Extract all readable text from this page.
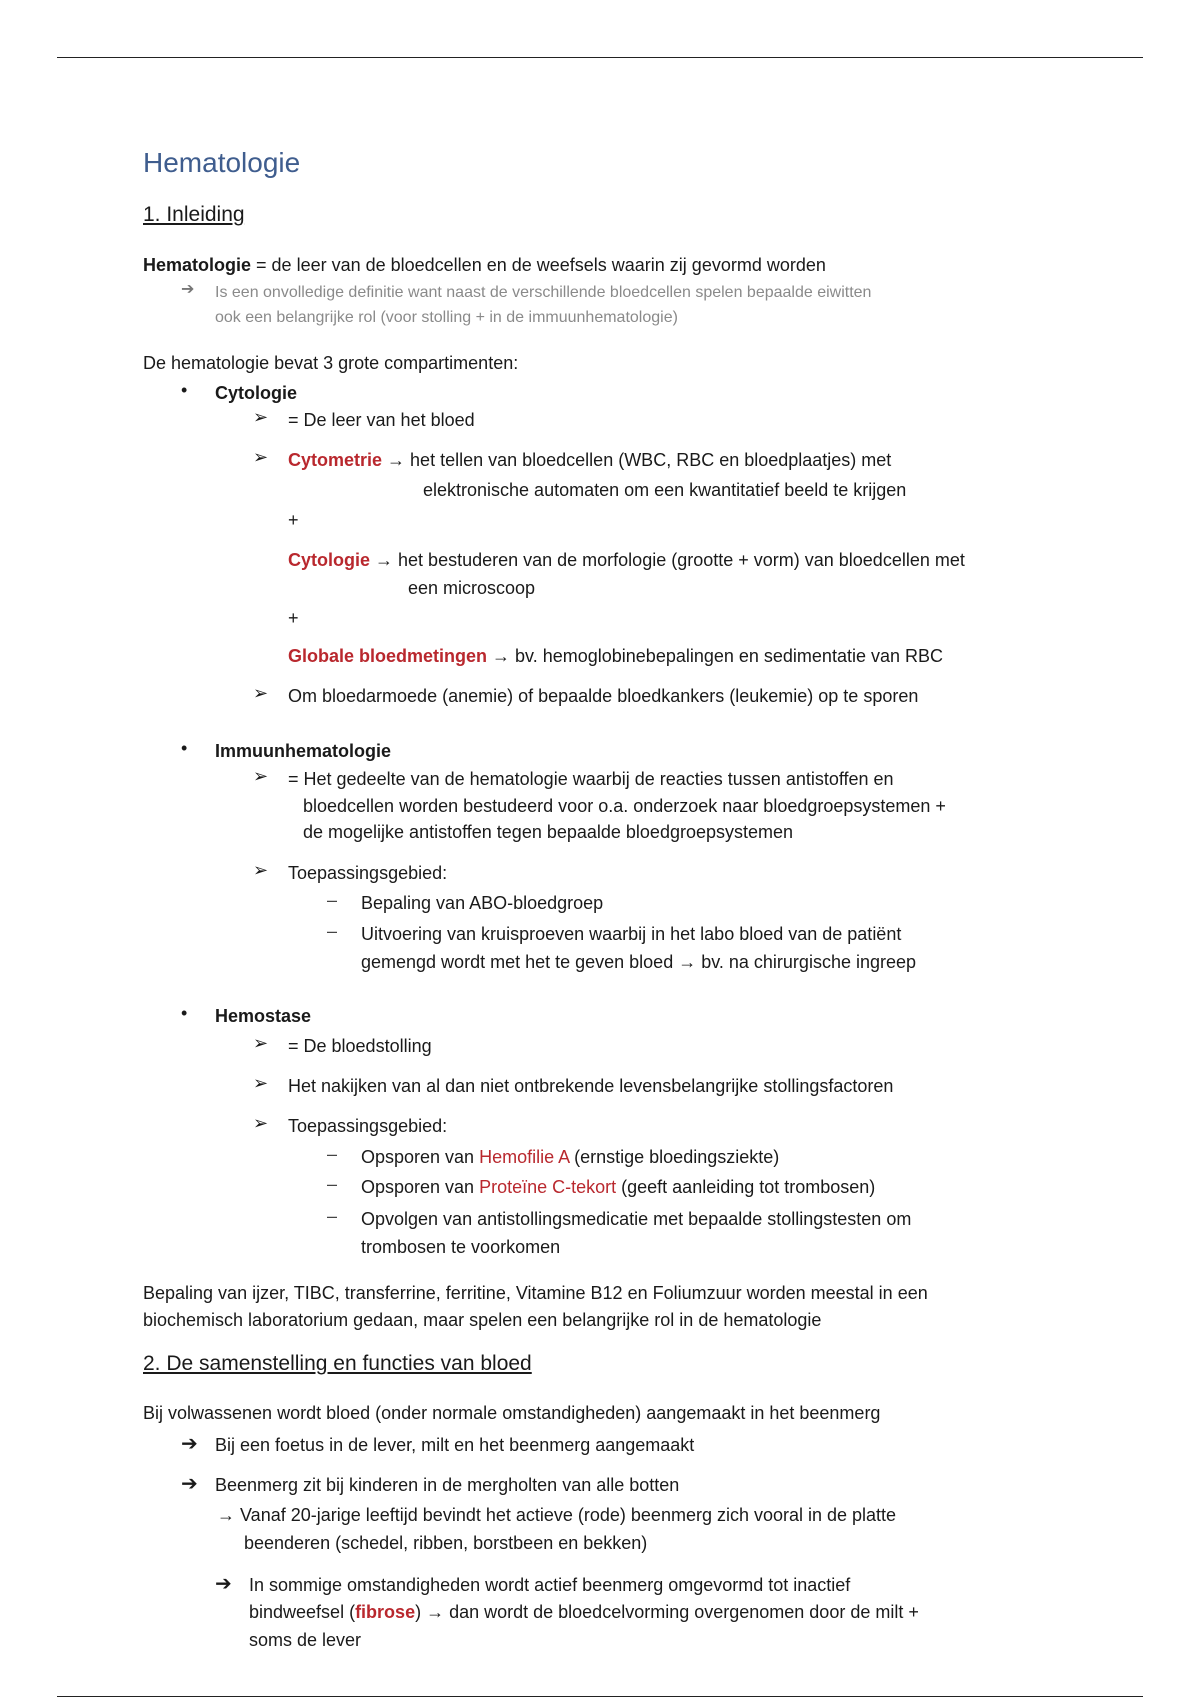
Hematologie
1. Inleiding
Hematologie = de leer van de bloedcellen en de weefsels waarin zij gevormd worden
➔ Is een onvolledige definitie want naast de verschillende bloedcellen spelen bepaalde eiwitten
ook een belangrijke rol (voor stolling + in de immuunhematologie)
De hematologie bevat 3 grote compartimenten:
• Cytologie
➢ = De leer van het bloed
➢ Cytometrie → het tellen van bloedcellen (WBC, RBC en bloedplaatjes) met
elektronische automaten om een kwantitatief beeld te krijgen
+
Cytologie → het bestuderen van de morfologie (grootte + vorm) van bloedcellen met
een microscoop
+
Globale bloedmetingen → bv. hemoglobinebepalingen en sedimentatie van RBC
➢ Om bloedarmoede (anemie) of bepaalde bloedkankers (leukemie) op te sporen
• Immuunhematologie
➢ = Het gedeelte van de hematologie waarbij de reacties tussen antistoffen en
bloedcellen worden bestudeerd voor o.a. onderzoek naar bloedgroepsystemen +
de mogelijke antistoffen tegen bepaalde bloedgroepsystemen
➢ Toepassingsgebied:
– Bepaling van ABO-bloedgroep
– Uitvoering van kruisproeven waarbij in het labo bloed van de patiënt
gemengd wordt met het te geven bloed → bv. na chirurgische ingreep
• Hemostase
➢ = De bloedstolling
➢ Het nakijken van al dan niet ontbrekende levensbelangrijke stollingsfactoren
➢ Toepassingsgebied:
– Opsporen van Hemofilie A (ernstige bloedingsziekte)
– Opsporen van Proteïne C-tekort (geeft aanleiding tot trombosen)
– Opvolgen van antistollingsmedicatie met bepaalde stollingstesten om
trombosen te voorkomen
Bepaling van ijzer, TIBC, transferrine, ferritine, Vitamine B12 en Foliumzuur worden meestal in een
biochemisch laboratorium gedaan, maar spelen een belangrijke rol in de hematologie
2. De samenstelling en functies van bloed
Bij volwassenen wordt bloed (onder normale omstandigheden) aangemaakt in het beenmerg
➔ Bij een foetus in de lever, milt en het beenmerg aangemaakt
➔ Beenmerg zit bij kinderen in de mergholten van alle botten
→ Vanaf 20-jarige leeftijd bevindt het actieve (rode) beenmerg zich vooral in de platte
beenderen (schedel, ribben, borstbeen en bekken)
➔ In sommige omstandigheden wordt actief beenmerg omgevormd tot inactief
bindweefsel (fibrose) → dan wordt de bloedcelvorming overgenomen door de milt +
soms de lever
